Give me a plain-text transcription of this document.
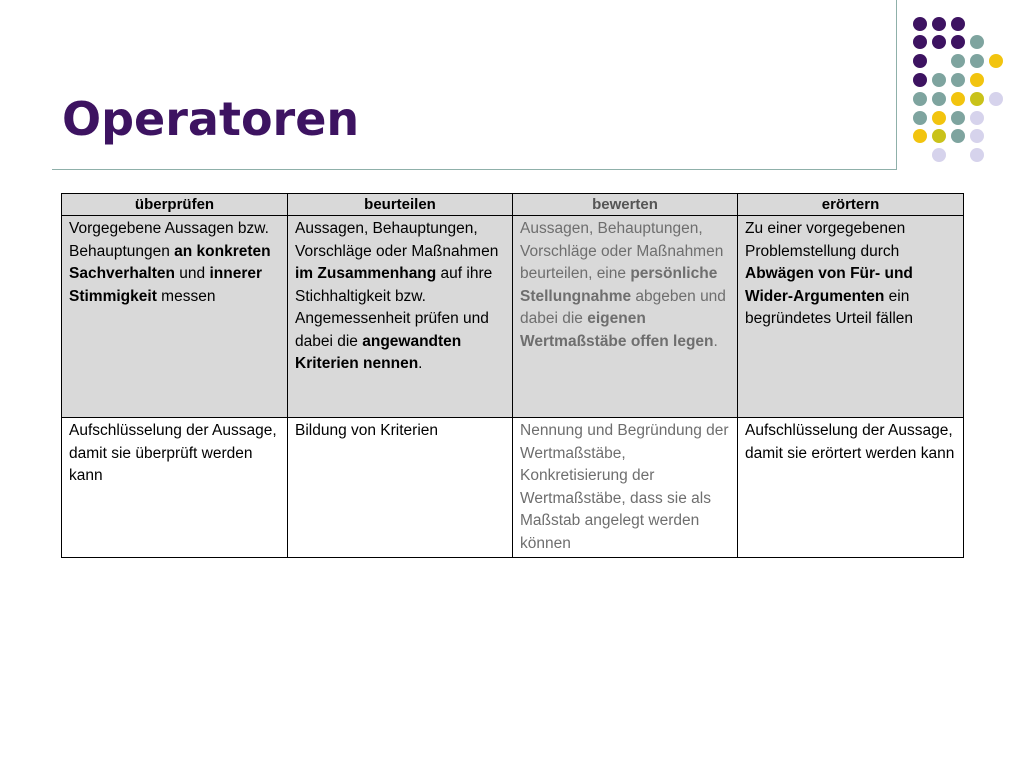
Operatoren
überprüfen	beurteilen	bewerten	erörtern
Vorgegebene Aussagen bzw. Behauptungen an konkreten Sachverhalten und innerer Stimmigkeit messen	Aussagen, Behauptungen, Vorschläge oder Maßnahmen im Zusammenhang auf ihre Stichhaltigkeit bzw. Angemessenheit prüfen und dabei die angewandten Kriterien nennen.	Aussagen, Behauptungen, Vorschläge oder Maßnahmen beurteilen, eine persönliche Stellungnahme abgeben und dabei die eigenen Wertmaßstäbe offen legen.	Zu einer vorgegebenen Problemstellung durch Abwägen von Für- und Wider-Argumenten ein begründetes Urteil fällen
Aufschlüsselung der Aussage, damit sie überprüft werden kann	Bildung von Kriterien	Nennung und Begründung der Wertmaßstäbe, Konkretisierung der Wertmaßstäbe, dass sie als Maßstab angelegt werden können	Aufschlüsselung der Aussage, damit sie erörtert werden kann
